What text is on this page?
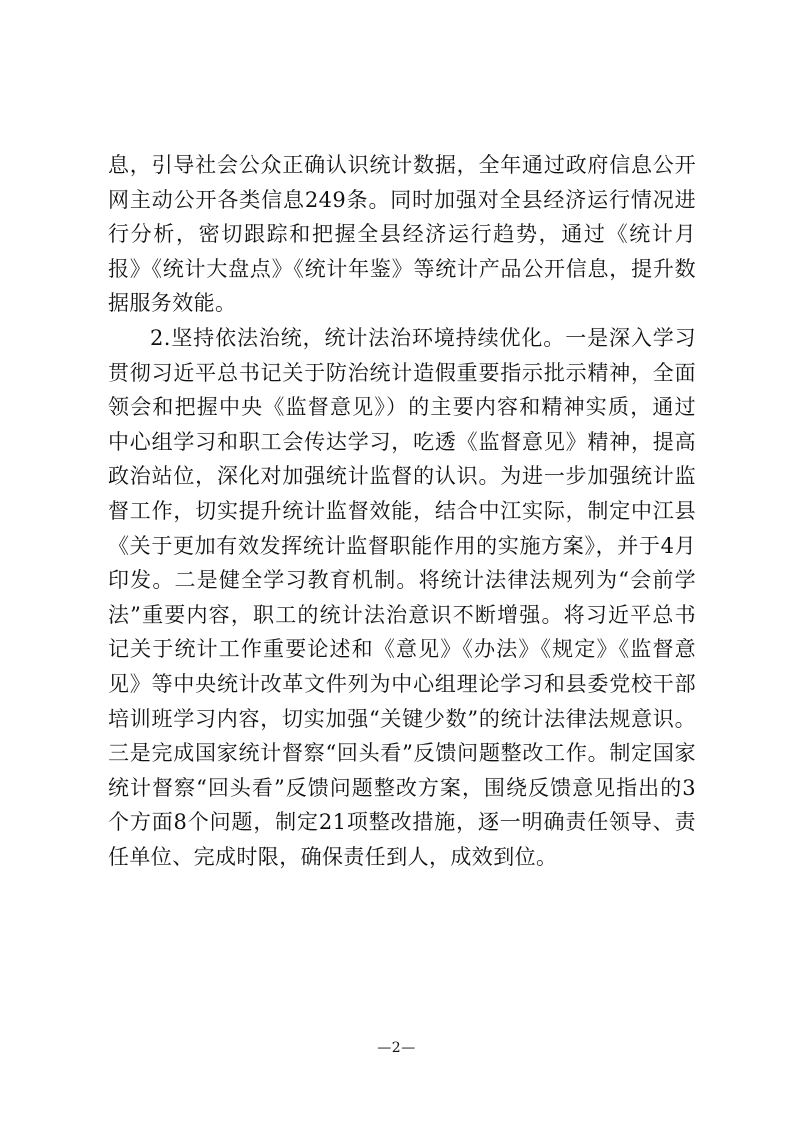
息，引导社会公众正确认识统计数据，全年通过政府信息公开网主动公开各类信息249条。同时加强对全县经济运行情况进行分析，密切跟踪和把握全县经济运行趋势，通过《统计月报》《统计大盘点》《统计年鉴》等统计产品公开信息，提升数据服务效能。

2.坚持依法治统，统计法治环境持续优化。一是深入学习贯彻习近平总书记关于防治统计造假重要指示批示精神，全面领会和把握中央《监督意见》）的主要内容和精神实质，通过中心组学习和职工会传达学习，吃透《监督意见》精神，提高政治站位，深化对加强统计监督的认识。为进一步加强统计监督工作，切实提升统计监督效能，结合中江实际，制定中江县《关于更加有效发挥统计监督职能作用的实施方案》，并于4月印发。二是健全学习教育机制。将统计法律法规列为“会前学法”重要内容，职工的统计法治意识不断增强。将习近平总书记关于统计工作重要论述和《意见》《办法》《规定》《监督意见》等中央统计改革文件列为中心组理论学习和县委党校干部培训班学习内容，切实加强“关键少数”的统计法律法规意识。三是完成国家统计督察“回头看”反馈问题整改工作。制定国家统计督察“回头看”反馈问题整改方案，围绕反馈意见指出的3个方面8个问题，制定21项整改措施，逐一明确责任领导、责任单位、完成时限，确保责任到人，成效到位。

—2—
